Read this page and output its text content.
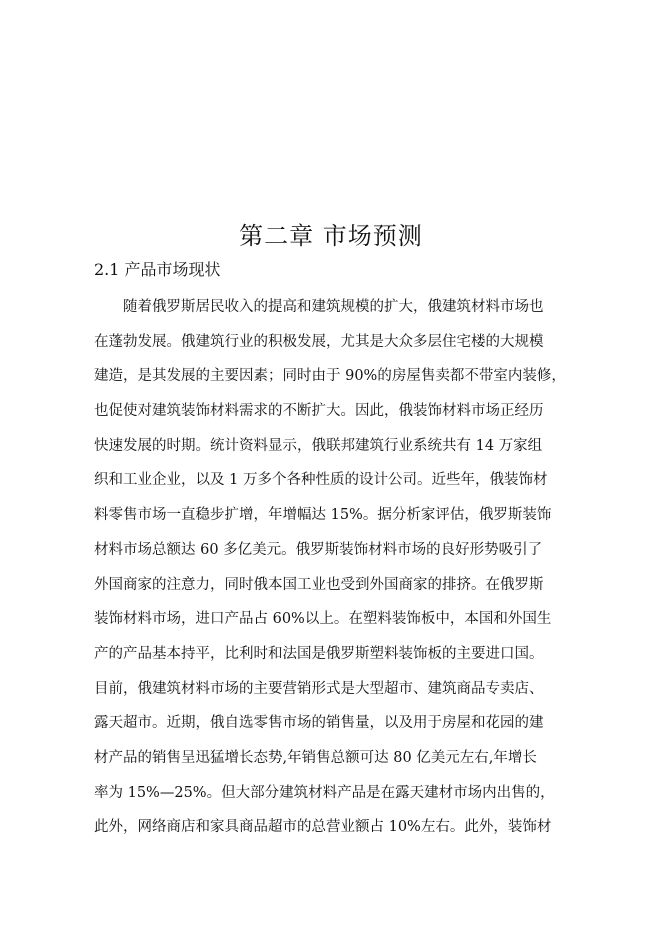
第二章 市场预测
2.1 产品市场现状
随着俄罗斯居民收入的提高和建筑规模的扩大，俄建筑材料市场也
在蓬勃发展。俄建筑行业的积极发展，尤其是大众多层住宅楼的大规模
建造，是其发展的主要因素；同时由于 90%的房屋售卖都不带室内装修，
也促使对建筑装饰材料需求的不断扩大。因此，俄装饰材料市场正经历
快速发展的时期。统计资料显示，俄联邦建筑行业系统共有 14 万家组
织和工业企业，以及 1 万多个各种性质的设计公司。近些年，俄装饰材
料零售市场一直稳步扩增，年增幅达 15%。据分析家评估，俄罗斯装饰
材料市场总额达 60 多亿美元。俄罗斯装饰材料市场的良好形势吸引了
外国商家的注意力，同时俄本国工业也受到外国商家的排挤。在俄罗斯
装饰材料市场，进口产品占 60%以上。在塑料装饰板中，本国和外国生
产的产品基本持平，比利时和法国是俄罗斯塑料装饰板的主要进口国。
目前，俄建筑材料市场的主要营销形式是大型超市、建筑商品专卖店、
露天超市。近期，俄自选零售市场的销售量，以及用于房屋和花园的建
材产品的销售呈迅猛增长态势,年销售总额可达 80 亿美元左右,年增长
率为 15%—25%。但大部分建筑材料产品是在露天建材市场内出售的，
此外，网络商店和家具商品超市的总营业额占 10%左右。此外，装饰材
